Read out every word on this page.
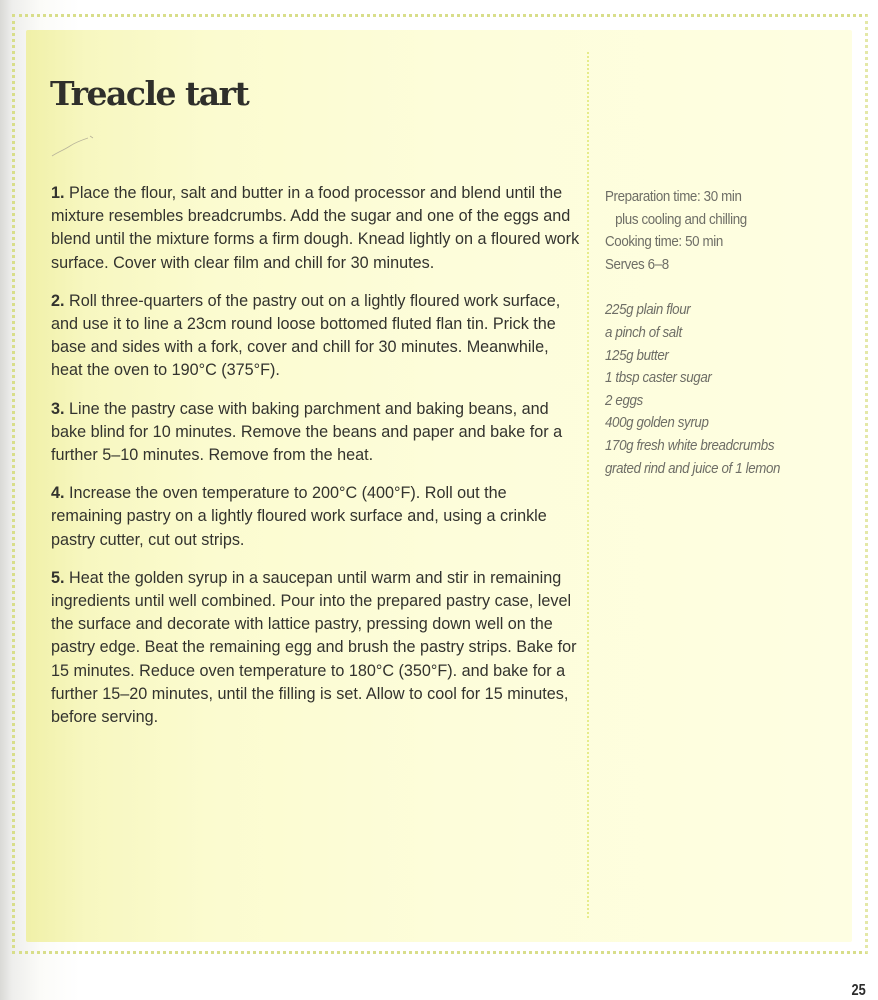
Treacle tart

1. Place the flour, salt and butter in a food processor and blend until the mixture resembles breadcrumbs. Add the sugar and one of the eggs and blend until the mixture forms a firm dough. Knead lightly on a floured work surface. Cover with clear film and chill for 30 minutes.

2. Roll three-quarters of the pastry out on a lightly floured work surface, and use it to line a 23cm round loose bottomed fluted flan tin. Prick the base and sides with a fork, cover and chill for 30 minutes. Meanwhile, heat the oven to 190°C (375°F).

3. Line the pastry case with baking parchment and baking beans, and bake blind for 10 minutes. Remove the beans and paper and bake for a further 5–10 minutes. Remove from the heat.

4. Increase the oven temperature to 200°C (400°F). Roll out the remaining pastry on a lightly floured work surface and, using a crinkle pastry cutter, cut out strips.

5. Heat the golden syrup in a saucepan until warm and stir in remaining ingredients until well combined. Pour into the prepared pastry case, level the surface and decorate with lattice pastry, pressing down well on the pastry edge. Beat the remaining egg and brush the pastry strips. Bake for 15 minutes. Reduce oven temperature to 180°C (350°F). and bake for a further 15–20 minutes, until the filling is set. Allow to cool for 15 minutes, before serving.

Preparation time: 30 min
plus cooling and chilling
Cooking time: 50 min
Serves 6–8
225g plain flour
a pinch of salt
125g butter
1 tbsp caster sugar
2 eggs
400g golden syrup
170g fresh white breadcrumbs
grated rind and juice of 1 lemon
25
